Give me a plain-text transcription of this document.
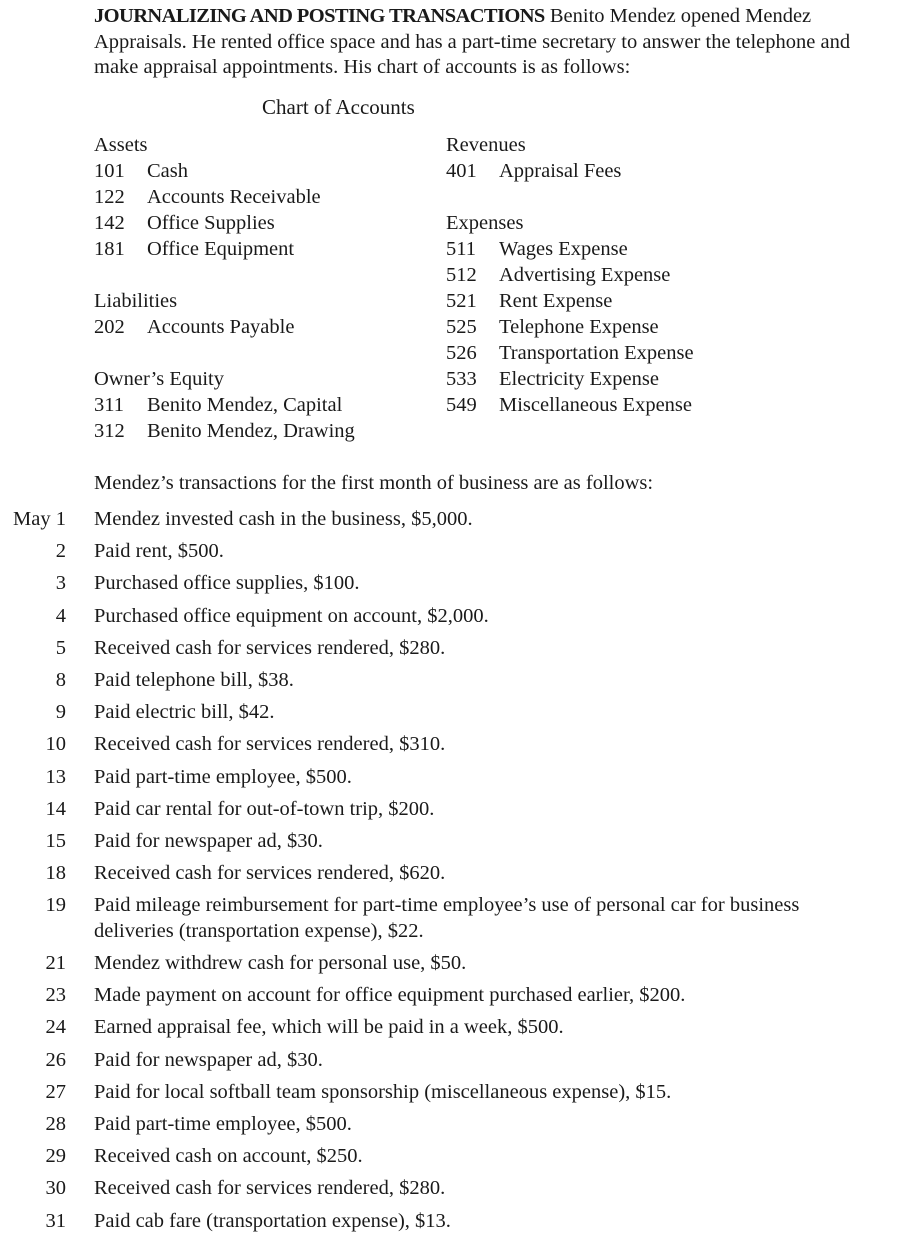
JOURNALIZING AND POSTING TRANSACTIONS Benito Mendez opened Mendez Appraisals. He rented office space and has a part-time secretary to answer the telephone and make appraisal appointments. His chart of accounts is as follows:
Chart of Accounts
Assets
101 Cash
122 Accounts Receivable
142 Office Supplies
181 Office Equipment
Liabilities
202 Accounts Payable
Owner’s Equity
311 Benito Mendez, Capital
312 Benito Mendez, Drawing
Revenues
401 Appraisal Fees
Expenses
511 Wages Expense
512 Advertising Expense
521 Rent Expense
525 Telephone Expense
526 Transportation Expense
533 Electricity Expense
549 Miscellaneous Expense
Mendez’s transactions for the first month of business are as follows:
May 1 Mendez invested cash in the business, $5,000.
2 Paid rent, $500.
3 Purchased office supplies, $100.
4 Purchased office equipment on account, $2,000.
5 Received cash for services rendered, $280.
8 Paid telephone bill, $38.
9 Paid electric bill, $42.
10 Received cash for services rendered, $310.
13 Paid part-time employee, $500.
14 Paid car rental for out-of-town trip, $200.
15 Paid for newspaper ad, $30.
18 Received cash for services rendered, $620.
19 Paid mileage reimbursement for part-time employee’s use of personal car for business deliveries (transportation expense), $22.
21 Mendez withdrew cash for personal use, $50.
23 Made payment on account for office equipment purchased earlier, $200.
24 Earned appraisal fee, which will be paid in a week, $500.
26 Paid for newspaper ad, $30.
27 Paid for local softball team sponsorship (miscellaneous expense), $15.
28 Paid part-time employee, $500.
29 Received cash on account, $250.
30 Received cash for services rendered, $280.
31 Paid cab fare (transportation expense), $13.
